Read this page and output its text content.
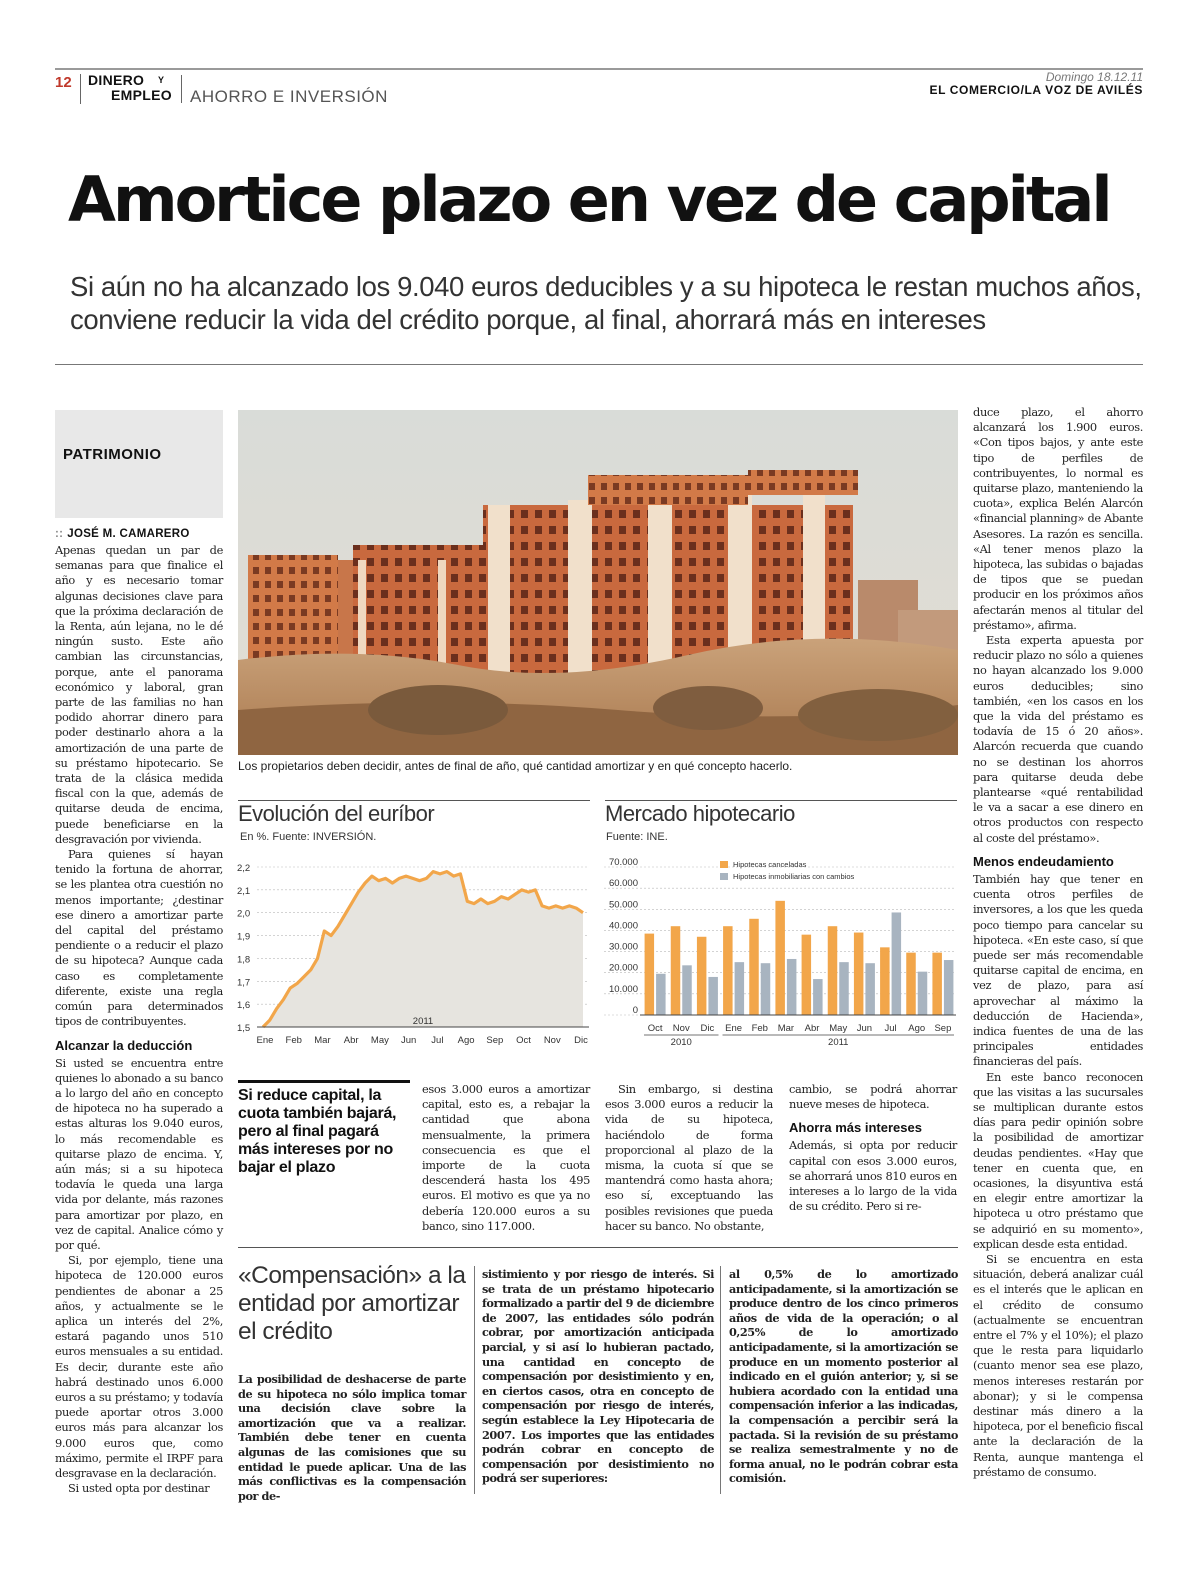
12 DINERO Y
EMPLEO AHORRO E INVERSIÓN
Domingo 18.12.11
EL COMERCIO/LA VOZ DE AVILÉS
Amortice plazo en vez de capital

Si aún no ha alcanzado los 9.040 euros deducibles y a su hipoteca le restan muchos años, conviene reducir la vida del crédito porque, al final, ahorrará más en intereses

PATRIMONIO
:: JOSÉ M. CAMARERO

Apenas quedan un par de semanas para que finalice el año y es necesario tomar algunas decisiones clave para que la próxima declaración de la Renta, aún lejana, no le dé ningún susto. Este año cambian las circunstancias, porque, ante el panorama económico y laboral, gran parte de las familias no han podido ahorrar dinero para poder destinarlo ahora a la amortización de una parte de su préstamo hipotecario. Se trata de la clásica medida fiscal con la que, además de quitarse deuda de encima, puede beneficiarse en la desgravación por vivienda.

Para quienes sí hayan tenido la fortuna de ahorrar, se les plantea otra cuestión no menos importante; ¿destinar ese dinero a amortizar parte del capital del préstamo pendiente o a reducir el plazo de su hipoteca? Aunque cada caso es completamente diferente, existe una regla común para determinados tipos de contribuyentes.

Alcanzar la deducción

Si usted se encuentra entre quienes lo abonado a su banco a lo largo del año en concepto de hipoteca no ha superado a estas alturas los 9.040 euros, lo más recomendable es quitarse plazo de encima. Y, aún más; si a su hipoteca todavía le queda una larga vida por delante, más razones para amortizar por plazo, en vez de capital. Analice cómo y por qué.

Si, por ejemplo, tiene una hipoteca de 120.000 euros pendientes de abonar a 25 años, y actualmente se le aplica un interés del 2%, estará pagando unos 510 euros mensuales a su entidad. Es decir, durante este año habrá destinado unos 6.000 euros a su préstamo; y todavía puede aportar otros 3.000 euros más para alcanzar los 9.000 euros que, como máximo, permite el IRPF para desgravase en la declaración.

Si usted opta por destinar

Los propietarios deben decidir, antes de final de año, qué cantidad amortizar y en qué concepto hacerlo.
Evolución del euríbor
En %. Fuente: INVERSIÓN.
2,2
2,1
2,0
1,9
1,8
1,7
1,6
1,5
2011
Ene Feb Mar Abr May Jun Jul Ago Sep Oct Nov Dic
Mercado hipotecario
Fuente: INE.
70.000
60.000
50.000
40.000
30.000
20.000
10.000
0
Hipotecas canceladas
Hipotecas inmobiliarias con cambios
Oct Nov Dic Ene Feb Mar Abr May Jun Jul Ago Sep
2010	2011
Si reduce capital, la cuota también bajará, pero al final pagará más intereses por no bajar el plazo

esos 3.000 euros a amortizar capital, esto es, a rebajar la cantidad que abona mensualmente, la primera consecuencia es que el importe de la cuota descenderá hasta los 495 euros. El motivo es que ya no debería 120.000 euros a su banco, sino 117.000.

Sin embargo, si destina esos 3.000 euros a reducir la vida de su hipoteca, haciéndolo de forma proporcional al plazo de la misma, la cuota sí que se mantendrá como hasta ahora; eso sí, exceptuando las posibles revisiones que pueda hacer su banco. No obstante,

cambio, se podrá ahorrar nueve meses de hipoteca.

Ahorra más intereses

Además, si opta por reducir capital con esos 3.000 euros, se ahorrará unos 810 euros en intereses a lo largo de la vida de su crédito. Pero si re-

duce plazo, el ahorro alcanzará los 1.900 euros. «Con tipos bajos, y ante este tipo de perfiles de contribuyentes, lo normal es quitarse plazo, manteniendo la cuota», explica Belén Alarcón «financial planning» de Abante Asesores. La razón es sencilla. «Al tener menos plazo la hipoteca, las subidas o bajadas de tipos que se puedan producir en los próximos años afectarán menos al titular del préstamo», afirma.

Esta experta apuesta por reducir plazo no sólo a quienes no hayan alcanzado los 9.000 euros deducibles; sino también, «en los casos en los que la vida del préstamo es todavía de 15 ó 20 años». Alarcón recuerda que cuando no se destinan los ahorros para quitarse deuda debe plantearse «qué rentabilidad le va a sacar a ese dinero en otros productos con respecto al coste del préstamo».

Menos endeudamiento

También hay que tener en cuenta otros perfiles de inversores, a los que les queda poco tiempo para cancelar su hipoteca. «En este caso, sí que puede ser más recomendable quitarse capital de encima, en vez de plazo, para así aprovechar al máximo la deducción de Hacienda», indica fuentes de una de las principales entidades financieras del país.

En este banco reconocen que las visitas a las sucursales se multiplican durante estos días para pedir opinión sobre la posibilidad de amortizar deudas pendientes. «Hay que tener en cuenta que, en ocasiones, la disyuntiva está en elegir entre amortizar la hipoteca u otro préstamo que se adquirió en su momento», explican desde esta entidad.

Si se encuentra en esta situación, deberá analizar cuál es el interés que le aplican en el crédito de consumo (actualmente se encuentran entre el 7% y el 10%); el plazo que le resta para liquidarlo (cuanto menor sea ese plazo, menos intereses restarán por abonar); y si le compensa destinar más dinero a la hipoteca, por el beneficio fiscal ante la declaración de la Renta, aunque mantenga el préstamo de consumo.

«Compensación» a la entidad por amortizar el crédito
La posibilidad de deshacerse de parte de su hipoteca no sólo implica tomar una decisión clave sobre la amortización que va a realizar. También debe tener en cuenta algunas de las comisiones que su entidad le puede aplicar. Una de las más conflictivas es la compensación por de-
sistimiento y por riesgo de interés. Si se trata de un préstamo hipotecario formalizado a partir del 9 de diciembre de 2007, las entidades sólo podrán cobrar, por amortización anticipada parcial, y si así lo hubieran pactado, una cantidad en concepto de compensación por desistimiento y en, en ciertos casos, otra en concepto de compensación por riesgo de interés, según establece la Ley Hipotecaria de 2007. Los importes que las entidades podrán cobrar en concepto de compensación por desistimiento no podrá ser superiores:
al 0,5% de lo amortizado anticipadamente, si la amortización se produce dentro de los cinco primeros años de vida de la operación; o al 0,25% de lo amortizado anticipadamente, si la amortización se produce en un momento posterior al indicado en el guión anterior; y, si se hubiera acordado con la entidad una compensación inferior a las indicadas, la compensación a percibir será la pactada. Si la revisión de su préstamo se realiza semestralmente y no de forma anual, no le podrán cobrar esta comisión.
